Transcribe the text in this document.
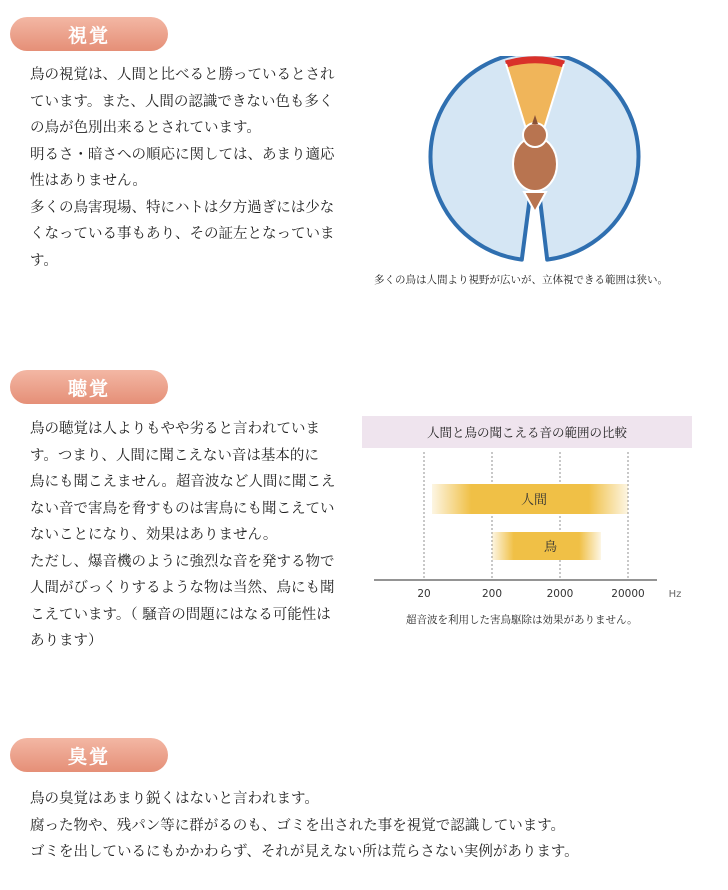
視覚

鳥の視覚は、人間と比べると勝っているとされ

ています。また、人間の認識できない色も多く

の鳥が色別出来るとされています。

明るさ・暗さへの順応に関しては、あまり適応

性はありません。

多くの鳥害現場、特にハトは夕方過ぎには少な

くなっている事もあり、その証左となっていま

す。

多くの鳥は人間より視野が広いが、立体視できる範囲は狭い。
聴覚

鳥の聴覚は人よりもやや劣ると言われていま

す。つまり、人間に聞こえない音は基本的に

鳥にも聞こえません。超音波など人間に聞こえ

ない音で害鳥を脅すものは害鳥にも聞こえてい

ないことになり、効果はありません。

ただし、爆音機のように強烈な音を発する物で

人間がびっくりするような物は当然、鳥にも聞

こえています。（ 騒音の問題にはなる可能性は

あります）

人間と鳥の聞こえる音の範囲の比較
人間
鳥
20	200	2000	20000 Hz
超音波を利用した害鳥駆除は効果がありません。
臭覚

鳥の臭覚はあまり鋭くはないと言われます。

腐った物や、残パン等に群がるのも、ゴミを出された事を視覚で認識しています。

ゴミを出しているにもかかわらず、それが見えない所は荒らさない実例があります。
